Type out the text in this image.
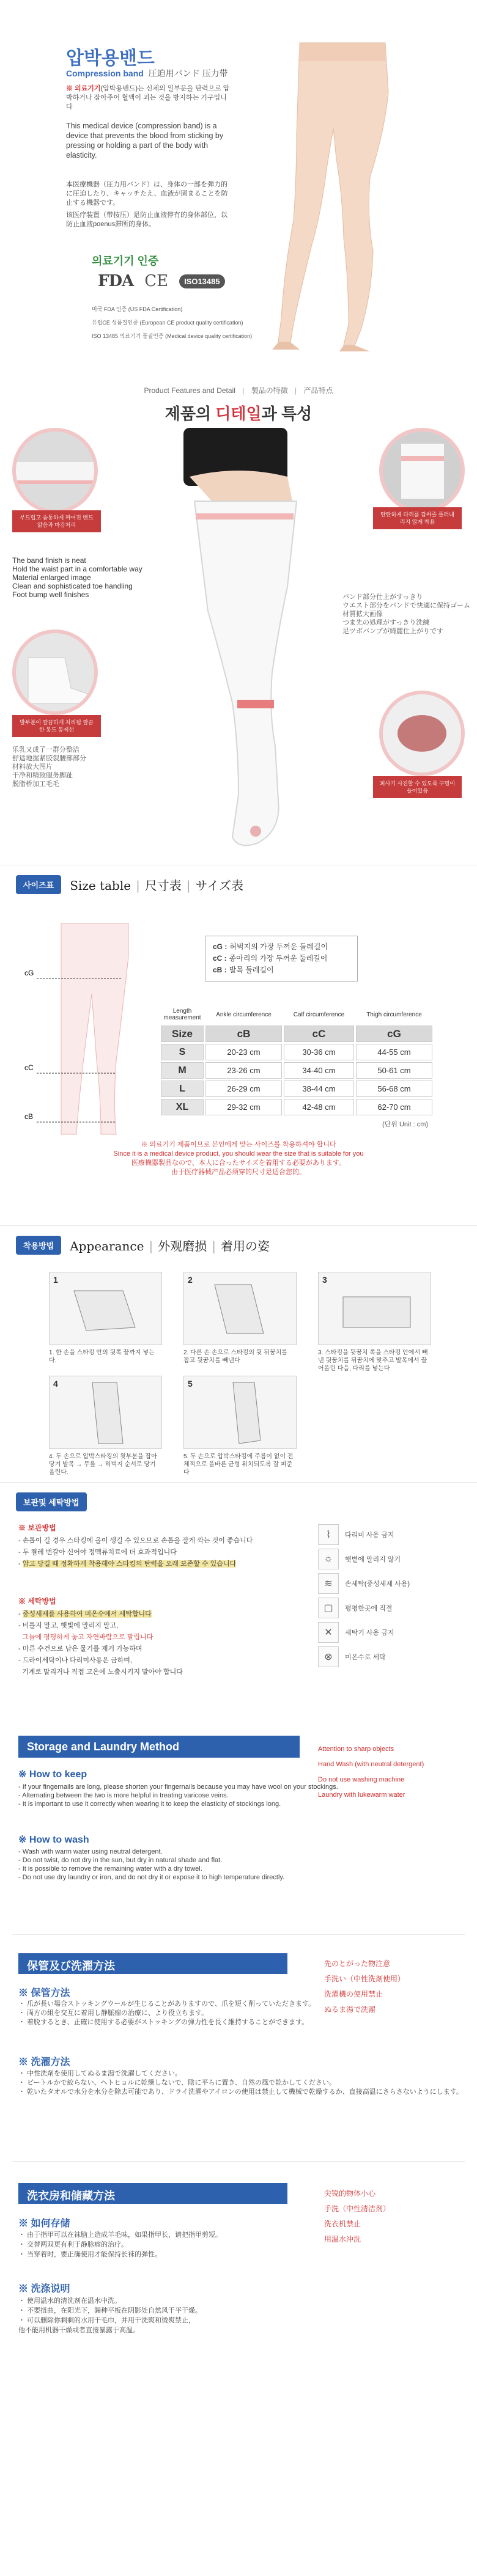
압박용밴드
Compression band 圧迫用バンド 压力带

※ 의료기기(압박용밴드)는 신체의 일부분을 탄력으로 압박하거나 잡아주어 혈액이 괴는 것을 방지하는 기구입니다

This medical device (compression band) is a device that prevents the blood from sticking by pressing or holding a part of the body with elasticity.

本医療機器（圧力用バンド）は、身体の一部を弾力的に圧迫したり、キャッチたえ、血液が固まることを防止する機器です。

该医疗装置（带按压）是防止血液停有的身体部位，以防止血液poenus滞所的身体。

의료기기 인증
FDA CE	ISO13485
미국 FDA 인증 (US FDA Certification)
유럽CE 성품질인증 (European CE product quality certification)
ISO 13485 의료기기 품질인증 (Medical device quality certification)
Product Features and Detail | 製品の特徴 | 产品特点
제품의 디테일과 특성
부드럽고 숨통하게 짜여진 밴드 얇음과 마감처리
탄탄하게 다리를 감싸줄 플러내리지 않게 착용
The band finish is neat
Hold the waist part in a comfortable way
Material enlarged image
Clean and sophisticated toe handling
Foot bump well finishes	バンド部分仕上がすっきり
ウエスト部分をバンドで快適に保持ゴーム
材質拡大画像
つま先の処理がすっきり洗練
足ツボバンプが綺麗仕上がりです
발부분이 깔끔하게 처리됨 깔끔한 봉드 봉제선
乐乳又成了一群分整洁
舒适地握紧胶裂腰部部分
材料放大图片
干净和精致服务脚趾
脱脂桥加工毛毛	피사기 사진할 수 있도록 구멍이 들어있음
사이즈표	Size table | 尺寸表 | サイズ表
cG
cC
cB
cG : 허벅지의 가장 두꺼운 둘레길이
cC : 종아리의 가장 두꺼운 둘레길이
cB : 발목 둘레길이
Length measurement	Ankle circumference	Calf circumference	Thigh circumference
Size	cB	cC	cG
S	20-23 cm	30-36 cm	44-55 cm
M	23-26 cm	34-40 cm	50-61 cm
L	26-29 cm	38-44 cm	56-68 cm
XL	29-32 cm	42-48 cm	62-70 cm
(단위 Unit : cm)
※ 의료기기 제품이므로 본인에게 맞는 사이즈를 착용하셔야 합니다
Since it is a medical device product, you should wear the size that is suitable for you
医療機器製品なので、本人に合ったサイズを着用する必要があります。
由于医疗器械产品必须穿的尺寸是适合您的。
착용방법	Appearance | 外观磨损 | 着用の姿
1
1. 한 손을 스타킹 안의 뒷쪽 끝까지 넣는다.
2
2. 다른 손 손으로 스타킹의 뒷 뒤꿈치를 잡고 뒷꿈치를 빼낸다
3
3. 스타킹을 뒷꿈치 쪽을 스타킹 안에서 빼낸 뒷꿈치를 뒤꿈치에 맞추고 발목에서 끌어올린 다음, 다리를 넣는다
4
4. 두 손으로 압박스타킹의 윗부분을 잡아당겨 발목 → 무릎 → 허벅지 순서로 당겨올린다.
5
5. 두 손으로 압박스타킹에 주름이 없이 전체적으로 올바른 균형 위치되도록 잘 펴준다
보관및 세탁방법
※ 보관방법
- 손톱이 길 경우 스타킹에 올이 생길 수 있으므로 손톱을 잘게 깍는 것이 좋습니다
- 두 켤레 번갈아 신어야 정맥류치료에 더 효과적입니다
- 압고 당길 때 정확하게 착용해야 스타킹의 탄력을 오래 보존할 수 있습니다
※ 세탁방법
- 중성세제를 사용하여 미온수에서 세탁합니다
- 비틀지 말고, 햇빛에 말리지 말고,
그늘에 평평하게 놓고 자연바람으로 말립니다
- 마른 수건으로 남은 물기를 제거 가능하며
- 드라이세탁이나 다리미사용은 금하며,
기계로 말리거나 직접 고온에 노출시키지 말아야 합니다
⌇	다리미 사용 금지
☼	햇볕에 말리지 않기
≋	손세탁(중성세제 사용)
▢	평평한곳에 직결
✕	세탁기 사용 금지
⊗	미온수로 세탁
Storage and Laundry Method
※ How to keep
- If your fingernails are long, please shorten your fingernails because you may have wool on your stockings.
- Alternating between the two is more helpful in treating varicose veins.
- It is important to use it correctly when wearing it to keep the elasticity of stockings long.
※ How to wash
- Wash with warm water using neutral detergent.
- Do not twist, do not dry in the sun, but dry in natural shade and flat.
- It is possible to remove the remaining water with a dry towel.
- Do not use dry laundry or iron, and do not dry it or expose it to high temperature directly.
Attention to sharp objects
Hand Wash (with neutral detergent)
Do not use washing machine
Laundry with lukewarm water
保管及び洗濯方法
※ 保管方法
・ 爪が長い場合ストッキングウールが生じることがありますので、爪を短く削っていただきます。
・ 両方の組を交互に着用し静脈瘤の治療に、より役立ちます。
・ 着脱するとき、正確に使用する必要がストッキングの弾力性を長く維持することができます。
※ 洗濯方法
・ 中性洗剤を使用してぬるま湯で洗濯してください。
・ ピートルかで絞らない、ヘトヒョルに乾燥しないで、陰に平らに置き、自然の風で乾かしてください。
・ 乾いたタオルで水分を水分を除去可能であり、ドライ洗濯やアイロンの使用は禁止して機械で乾燥するか、直接高温にさらさないようにします。
先のとがった物注意
手洗い（中性洗剤使用）
洗濯機の使用禁止
ぬるま湯で洗濯
洗衣房和储藏方法
※ 如何存储
・ 由于指甲可以在袜脑上造成羊毛味，如果指甲长，请把指甲剪短。
・ 交替两双更有利于静脉瘤的治疗。
・ 当穿着时，要正确使用才能保持长袜的弹性。
※ 洗涤说明
・ 使用温水的清洗剂在温水中洗。
・ 不要扭曲，在阳光下，漏种平板在阴影处自然风干平干燥。
・ 可以删除你剩剩的水用干毛巾，并用干洗熨和烫熨禁止，
他不能用机器干燥或者直接暴露于高温。
尖锐的物体小心
手洗（中性清洁剂）
洗衣机禁止
用温水冲洗
